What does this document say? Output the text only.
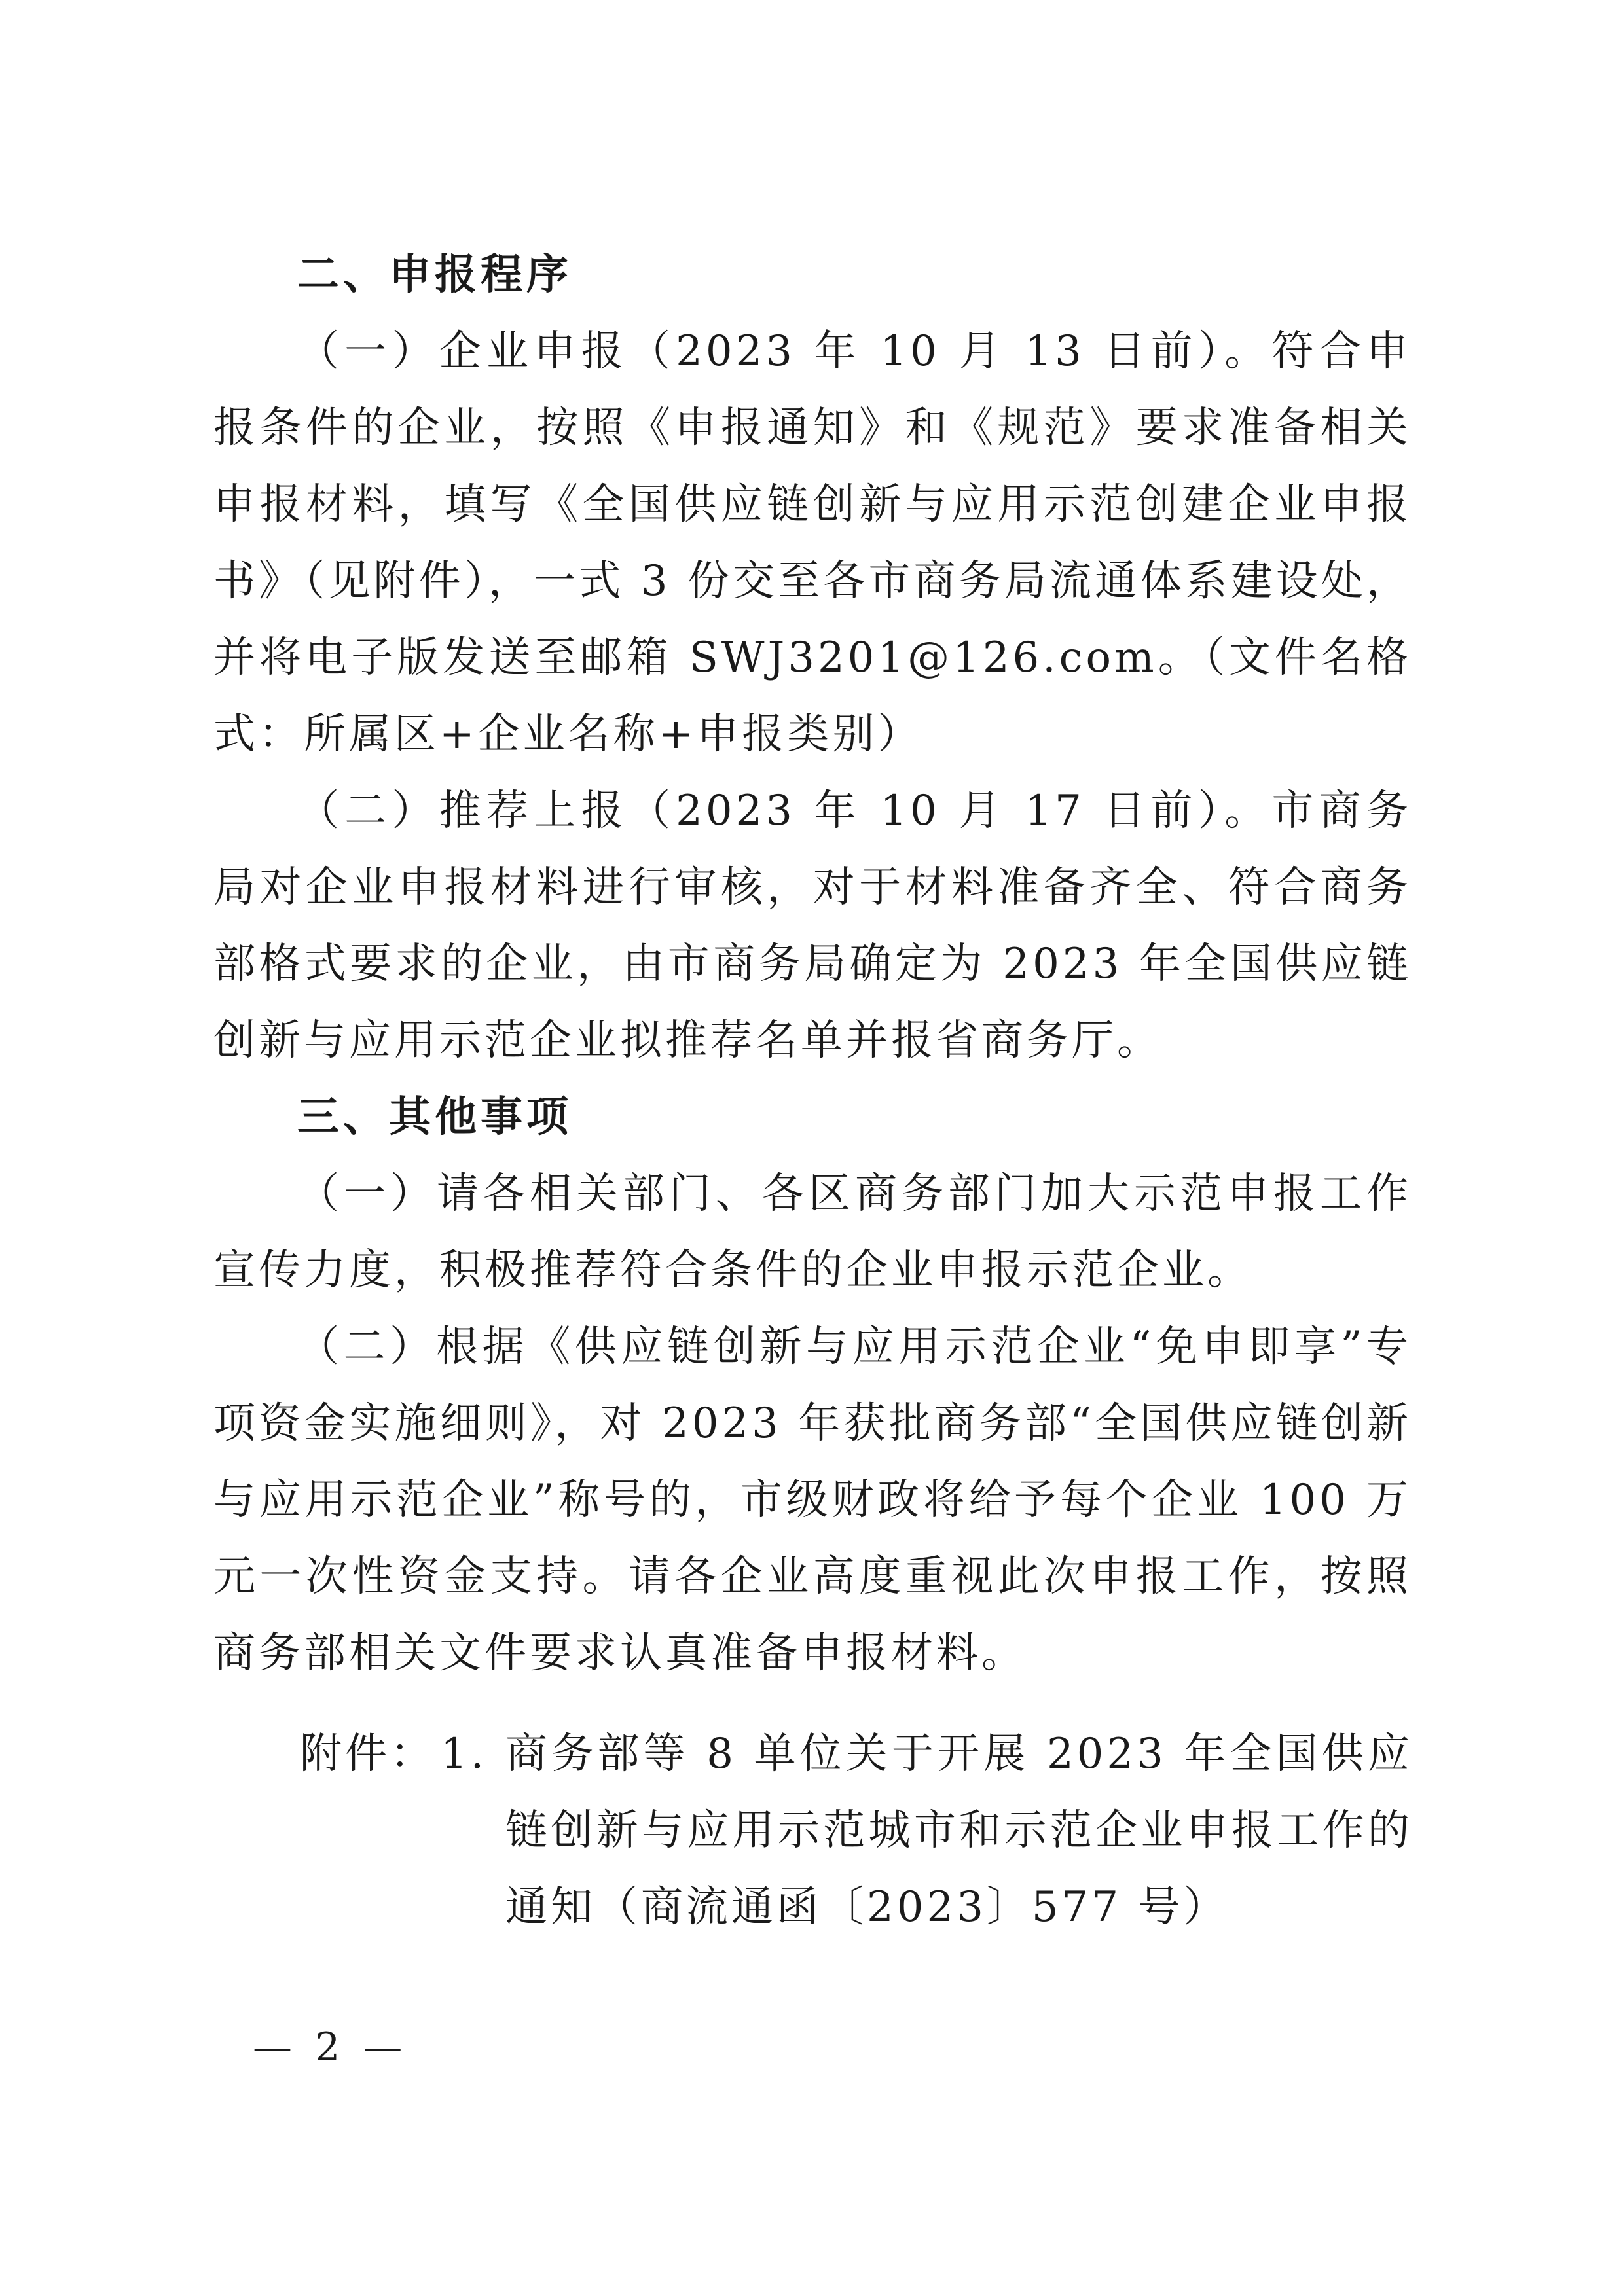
二、申报程序

（一）企业申报（2023 年 10 月 13 日前）。符合申报条件的企业，按照《申报通知》和《规范》要求准备相关申报材料，填写《全国供应链创新与应用示范创建企业申报书》（见附件），一式 3 份交至各市商务局流通体系建设处，并将电子版发送至邮箱 SWJ3201@126.com。（文件名格式：所属区+企业名称+申报类别）

（二）推荐上报（2023 年 10 月 17 日前）。市商务局对企业申报材料进行审核，对于材料准备齐全、符合商务部格式要求的企业，由市商务局确定为 2023 年全国供应链创新与应用示范企业拟推荐名单并报省商务厅。

三、其他事项

（一）请各相关部门、各区商务部门加大示范申报工作宣传力度，积极推荐符合条件的企业申报示范企业。

（二）根据《供应链创新与应用示范企业“免申即享”专项资金实施细则》，对 2023 年获批商务部“全国供应链创新与应用示范企业”称号的，市级财政将给予每个企业 100 万元一次性资金支持。请各企业高度重视此次申报工作，按照商务部相关文件要求认真准备申报材料。

附件： 1. 商务部等 8 单位关于开展 2023 年全国供应链创新与应用示范城市和示范企业申报工作的通知（商流通函〔2023〕577 号）
— 2 —
